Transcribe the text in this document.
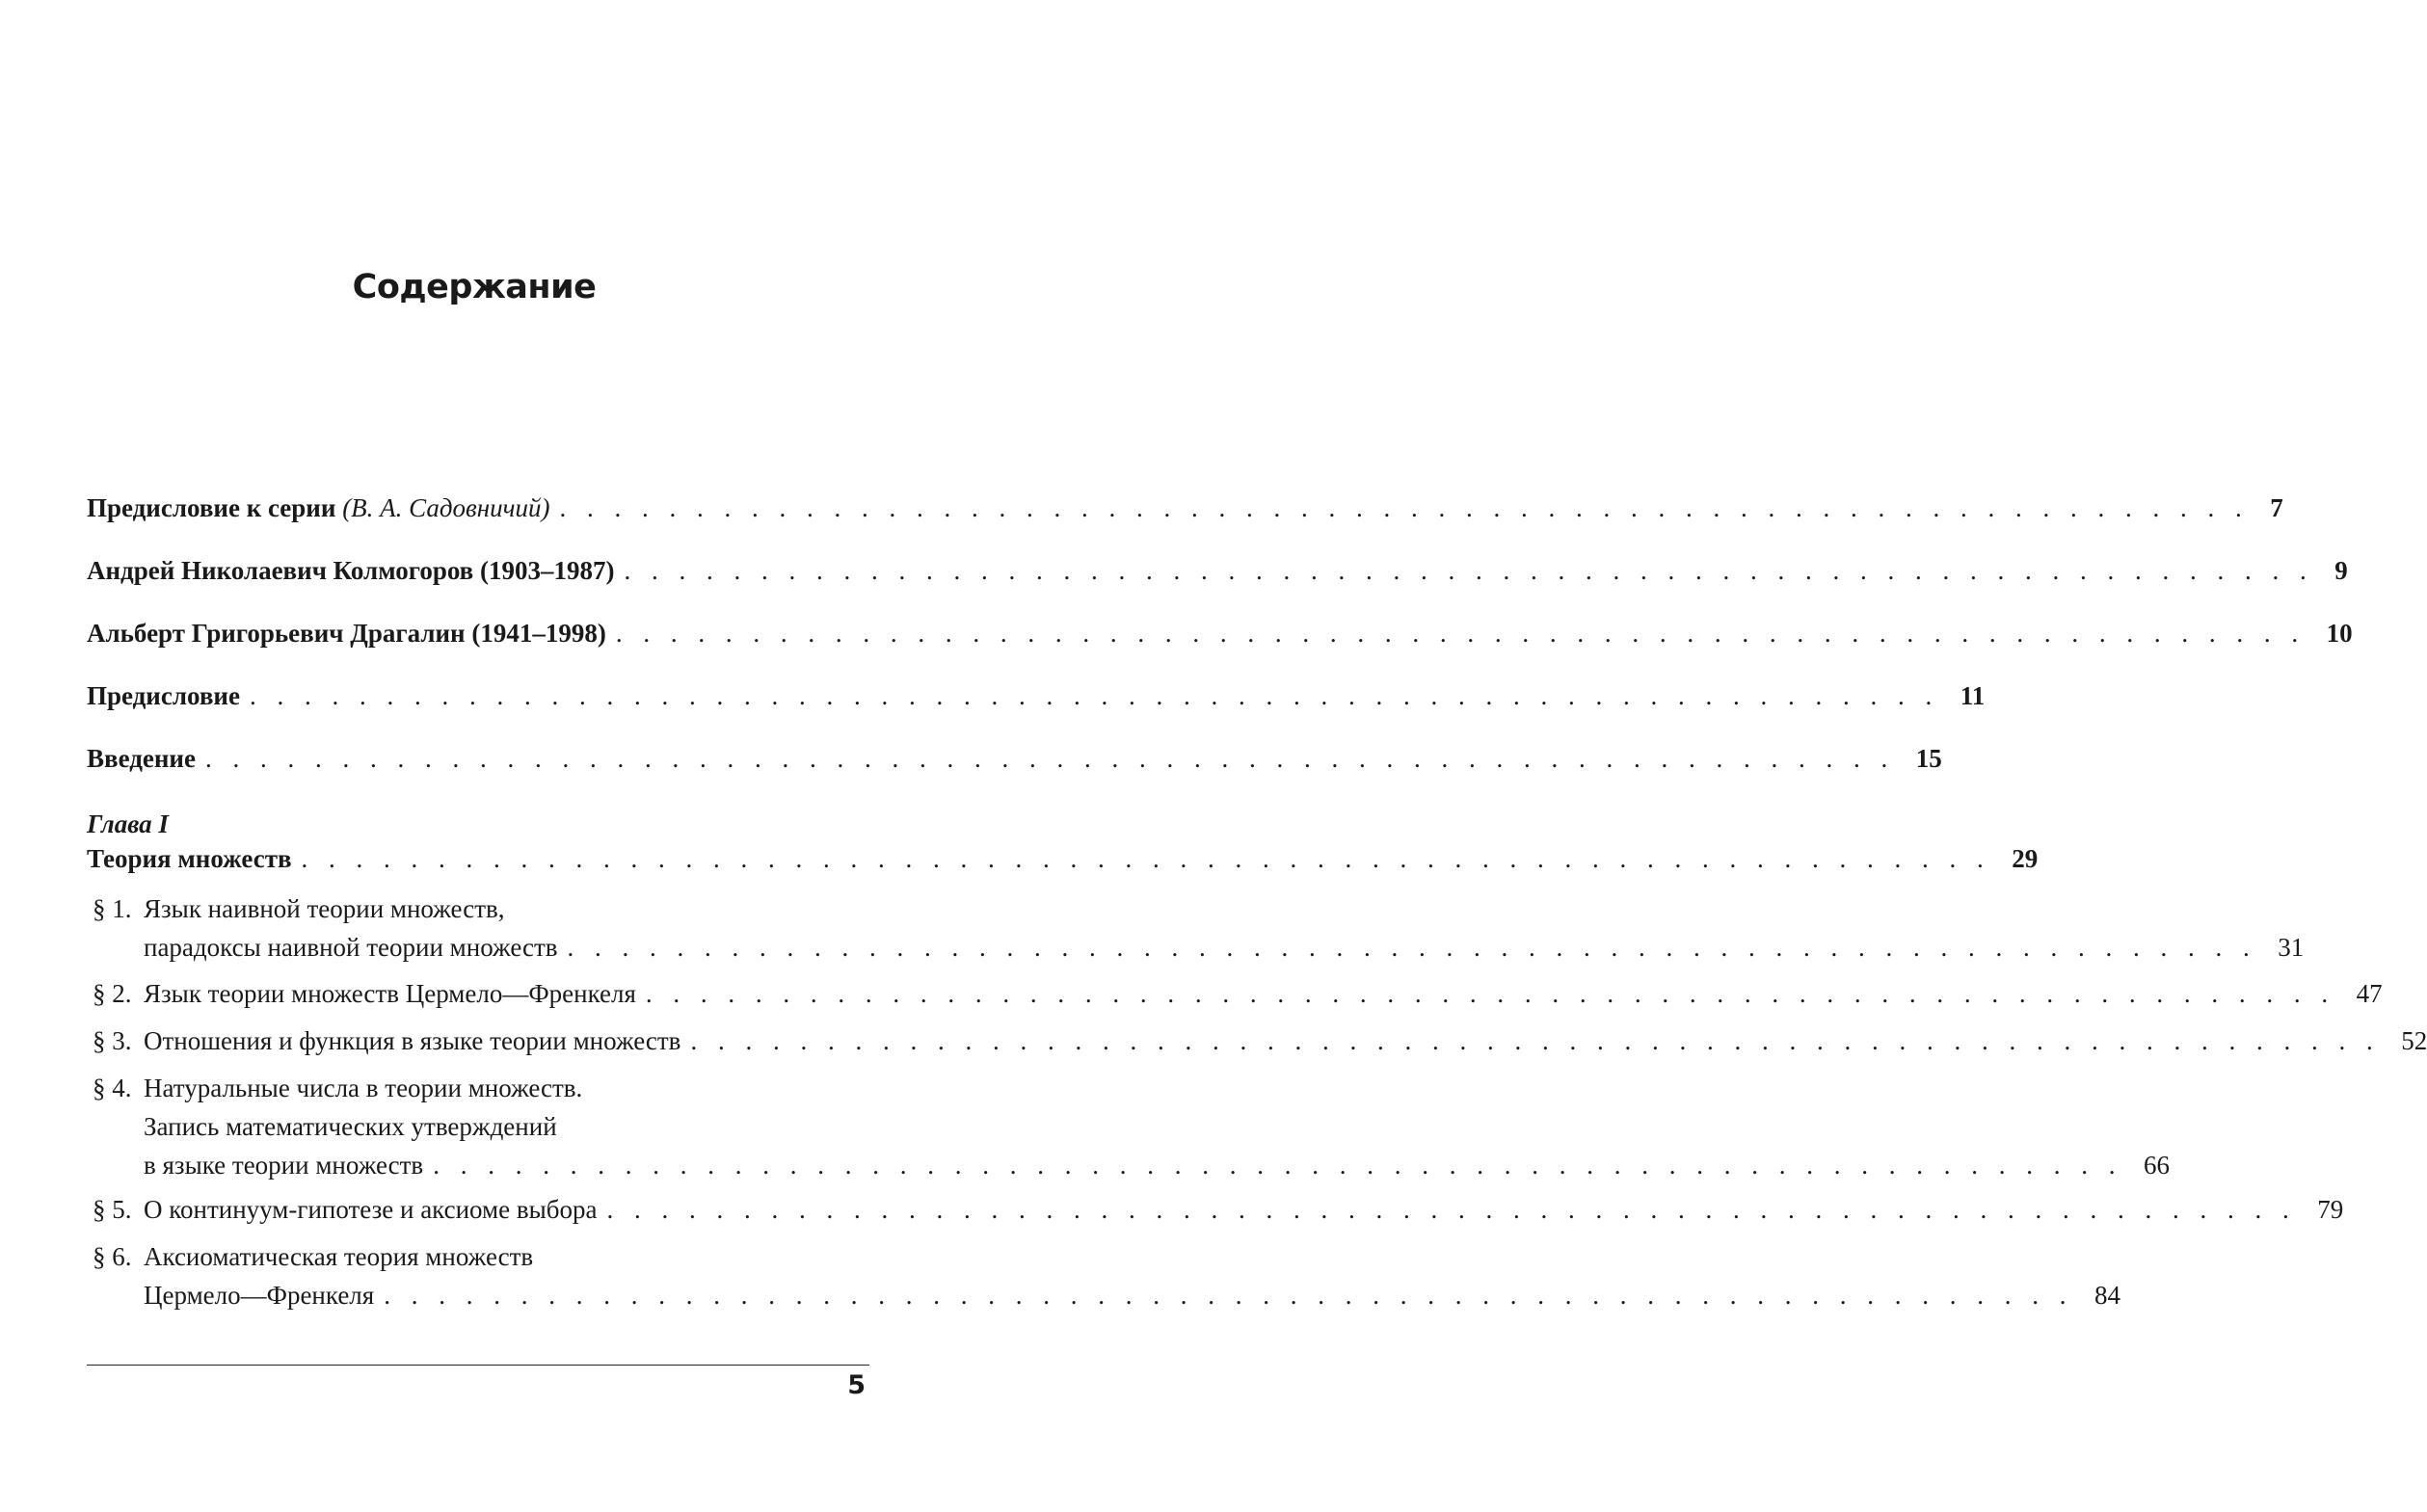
Содержание
Предисловие к серии (В. А. Садовничий) . . . . . . . . . . . . . . . . . . . . . . . . . . . . . . . . . . . . . . . . . . . . . . . . . . . . . . . . . . . . . . 7
Андрей Николаевич Колмогоров (1903–1987) . . . . . . . . . . . . . . . . . . . . . . . . . . . . . . . . . . . . . . . . . . . . . . . . . . . . . . . . . . . . . . 9
Альберт Григорьевич Драгалин (1941–1998) . . . . . . . . . . . . . . . . . . . . . . . . . . . . . . . . . . . . . . . . . . . . . . . . . . . . . . . . . . . . . . 10
Предисловие . . . . . . . . . . . . . . . . . . . . . . . . . . . . . . . . . . . . . . . . . . . . . . . . . . . . . . . . . . . . . . 11
Введение . . . . . . . . . . . . . . . . . . . . . . . . . . . . . . . . . . . . . . . . . . . . . . . . . . . . . . . . . . . . . . 15
Глава I
Теория множеств . . . . . . . . . . . . . . . . . . . . . . . . . . . . . . . . . . . . . . . . . . . . . . . . . . . . . . . . . . . . . . 29
§ 1. Язык наивной теории множеств,
парадоксы наивной теории множеств . . . . . . . . . . . . . . . . . . . . . . . . . . . . . . . . . . . . . . . . . . . . . . . . . . . . . . . . . . . . . . 31
§ 2. Язык теории множеств Цермело—Френкеля . . . . . . . . . . . . . . . . . . . . . . . . . . . . . . . . . . . . . . . . . . . . . . . . . . . . . . . . . . . . . . 47
§ 3. Отношения и функция в языке теории множеств . . . . . . . . . . . . . . . . . . . . . . . . . . . . . . . . . . . . . . . . . . . . . . . . . . . . . . . . . . . . . . 52
§ 4. Натуральные числа в теории множеств.
Запись математических утверждений
в языке теории множеств . . . . . . . . . . . . . . . . . . . . . . . . . . . . . . . . . . . . . . . . . . . . . . . . . . . . . . . . . . . . . . 66
§ 5. О континуум-гипотезе и аксиоме выбора . . . . . . . . . . . . . . . . . . . . . . . . . . . . . . . . . . . . . . . . . . . . . . . . . . . . . . . . . . . . . . 79
§ 6. Аксиоматическая теория множеств
Цермело—Френкеля . . . . . . . . . . . . . . . . . . . . . . . . . . . . . . . . . . . . . . . . . . . . . . . . . . . . . . . . . . . . . . 84
5
